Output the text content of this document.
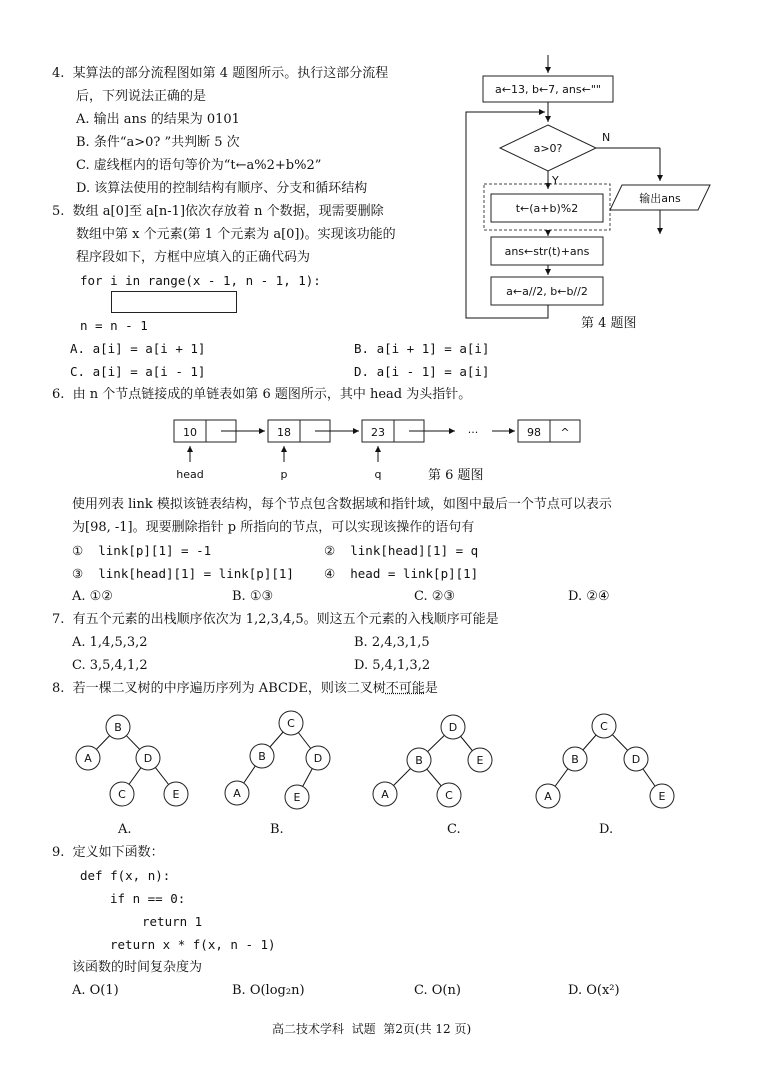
4.  某算法的部分流程图如第 4 题图所示。执行这部分流程
后，下列说法正确的是
A. 输出 ans 的结果为 0101
B. 条件“a>0? ”共判断 5 次
C. 虚线框内的语句等价为“t←a%2+b%2”
D. 该算法使用的控制结构有顺序、分支和循环结构
a←13, b←7, ans←""
a>0?
N
Y
t←(a+b)%2
ans←str(t)+ans
a←a//2, b←b//2
输出ans
第 4 题图
5.  数组 a[0]至 a[n-1]依次存放着 n 个数据，现需要删除
数组中第 x 个元素(第 1 个元素为 a[0])。实现该功能的
程序段如下，方框中应填入的正确代码为
for i in range(x - 1, n - 1, 1):
n = n - 1
A. a[i] = a[i + 1]	B. a[i + 1] = a[i]
C. a[i] = a[i - 1]	D. a[i - 1] = a[i]
6.  由 n 个节点链接成的单链表如第 6 题图所示，其中 head 为头指针。
10	18	23	···	98 ^
head	p	q	第 6 题图
使用列表 link 模拟该链表结构，每个节点包含数据域和指针域，如图中最后一个节点可以表示
为[98, -1]。现要删除指针 p 所指向的节点，可以实现该操作的语句有
①  link[p][1] = -1	②  link[head][1] = q
③  link[head][1] = link[p][1] ④  head = link[p][1]
A. ①②	B. ①③	C. ②③	D. ②④
7.  有五个元素的出栈顺序依次为 1,2,3,4,5。则这五个元素的入栈顺序可能是
A. 1,4,5,3,2	B. 2,4,3,1,5
C. 3,5,4,1,2	D. 5,4,1,3,2
8.  若一棵二叉树的中序遍历序列为 ABCDE，则该二叉树不可能是
B
A	D
C	E
C
B	D
A	E
D
B	E
A	C
C
B	D
A	E
A.	B.	C.	D.
9.  定义如下函数：
def f(x, n):
if n == 0:
return 1
return x * f(x, n - 1)
该函数的时间复杂度为
A. O(1)	B. O(log₂n)	C. O(n)	D. O(x²)
高二技术学科  试题  第2页(共 12 页)
